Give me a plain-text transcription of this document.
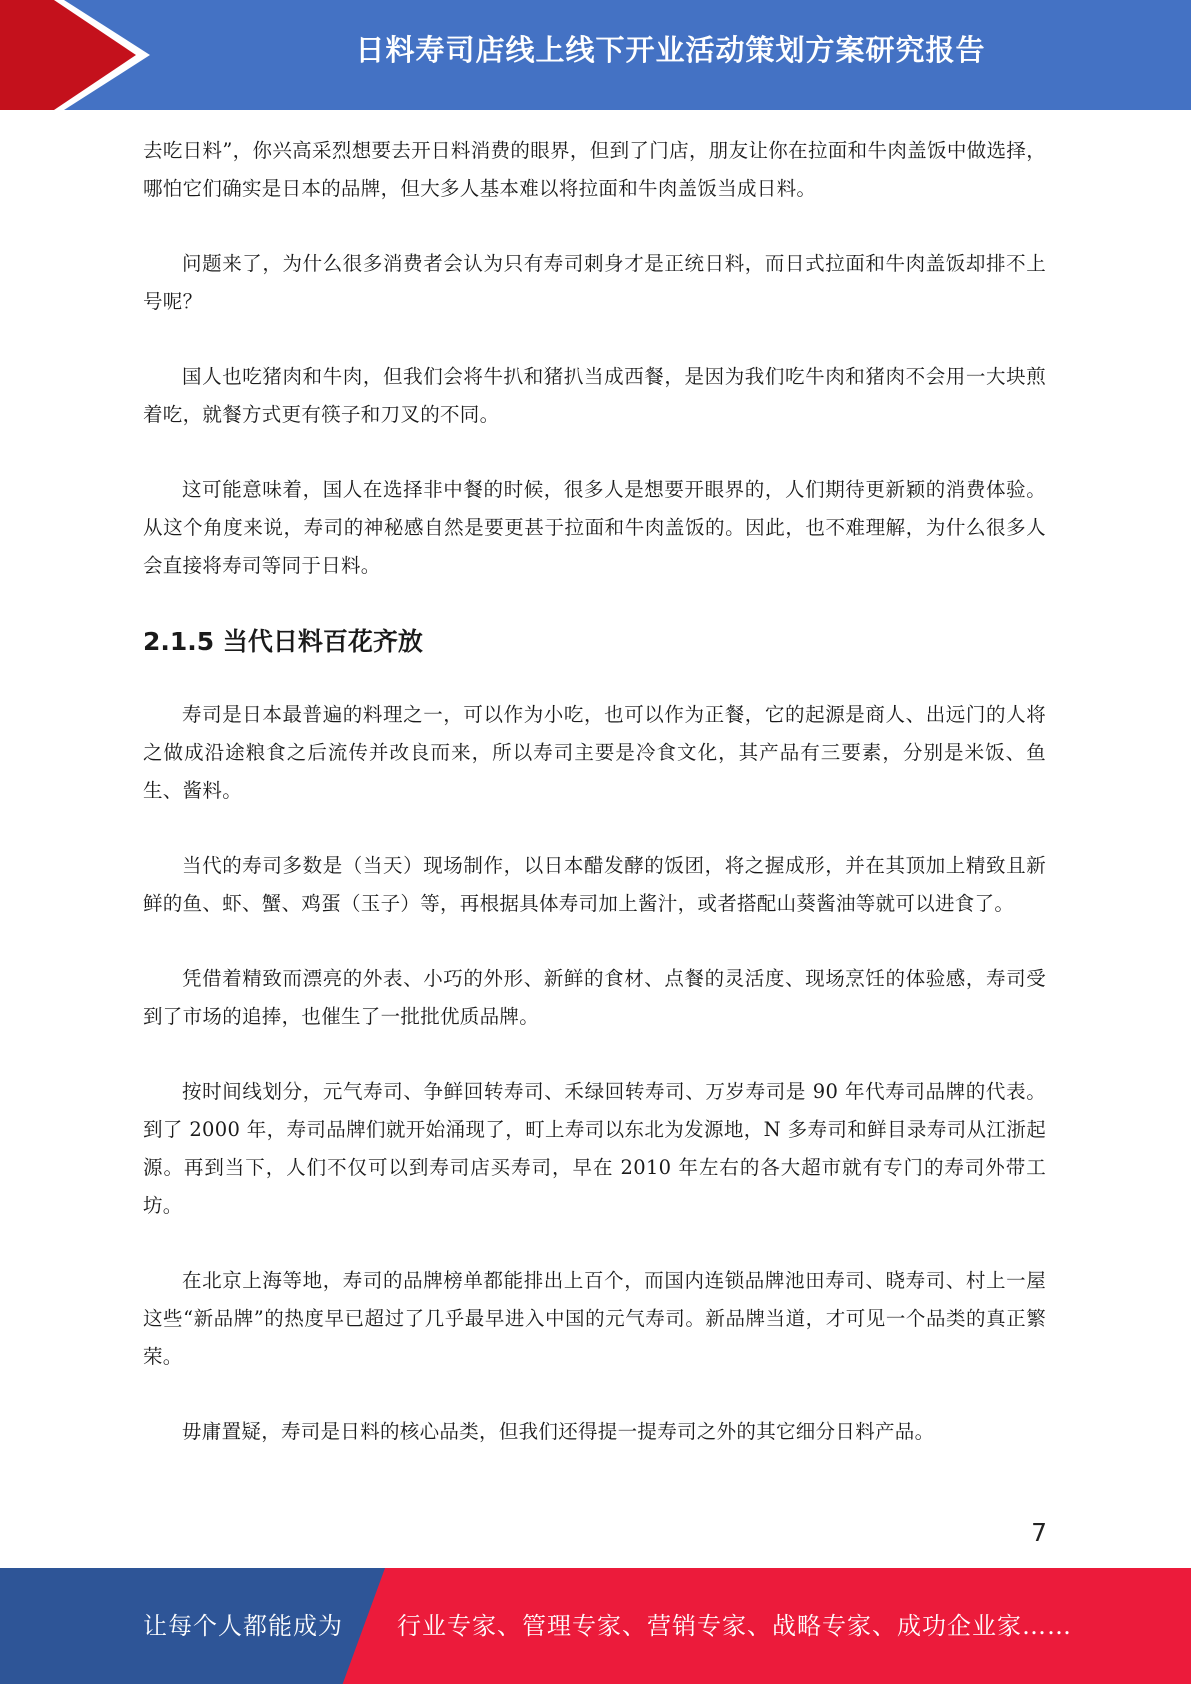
日料寿司店线上线下开业活动策划方案研究报告

去吃日料”，你兴高采烈想要去开日料消费的眼界，但到了门店，朋友让你在拉面和牛肉盖饭中做选择，哪怕它们确实是日本的品牌，但大多人基本难以将拉面和牛肉盖饭当成日料。

问题来了，为什么很多消费者会认为只有寿司刺身才是正统日料，而日式拉面和牛肉盖饭却排不上号呢？

国人也吃猪肉和牛肉，但我们会将牛扒和猪扒当成西餐，是因为我们吃牛肉和猪肉不会用一大块煎着吃，就餐方式更有筷子和刀叉的不同。

这可能意味着，国人在选择非中餐的时候，很多人是想要开眼界的，人们期待更新颖的消费体验。从这个角度来说，寿司的神秘感自然是要更甚于拉面和牛肉盖饭的。因此，也不难理解，为什么很多人会直接将寿司等同于日料。

2.1.5 当代日料百花齐放

寿司是日本最普遍的料理之一，可以作为小吃，也可以作为正餐，它的起源是商人、出远门的人将之做成沿途粮食之后流传并改良而来，所以寿司主要是冷食文化，其产品有三要素，分别是米饭、鱼生、酱料。

当代的寿司多数是（当天）现场制作，以日本醋发酵的饭团，将之握成形，并在其顶加上精致且新鲜的鱼、虾、蟹、鸡蛋（玉子）等，再根据具体寿司加上酱汁，或者搭配山葵酱油等就可以进食了。

凭借着精致而漂亮的外表、小巧的外形、新鲜的食材、点餐的灵活度、现场烹饪的体验感，寿司受到了市场的追捧，也催生了一批批优质品牌。

按时间线划分，元气寿司、争鲜回转寿司、禾绿回转寿司、万岁寿司是 90 年代寿司品牌的代表。到了 2000 年，寿司品牌们就开始涌现了，町上寿司以东北为发源地，N 多寿司和鲜目录寿司从江浙起源。再到当下，人们不仅可以到寿司店买寿司，早在 2010 年左右的各大超市就有专门的寿司外带工坊。

在北京上海等地，寿司的品牌榜单都能排出上百个，而国内连锁品牌池田寿司、晓寿司、村上一屋这些“新品牌”的热度早已超过了几乎最早进入中国的元气寿司。新品牌当道，才可见一个品类的真正繁荣。

毋庸置疑，寿司是日料的核心品类，但我们还得提一提寿司之外的其它细分日料产品。

7
让每个人都能成为 行业专家、管理专家、营销专家、战略专家、成功企业家……
